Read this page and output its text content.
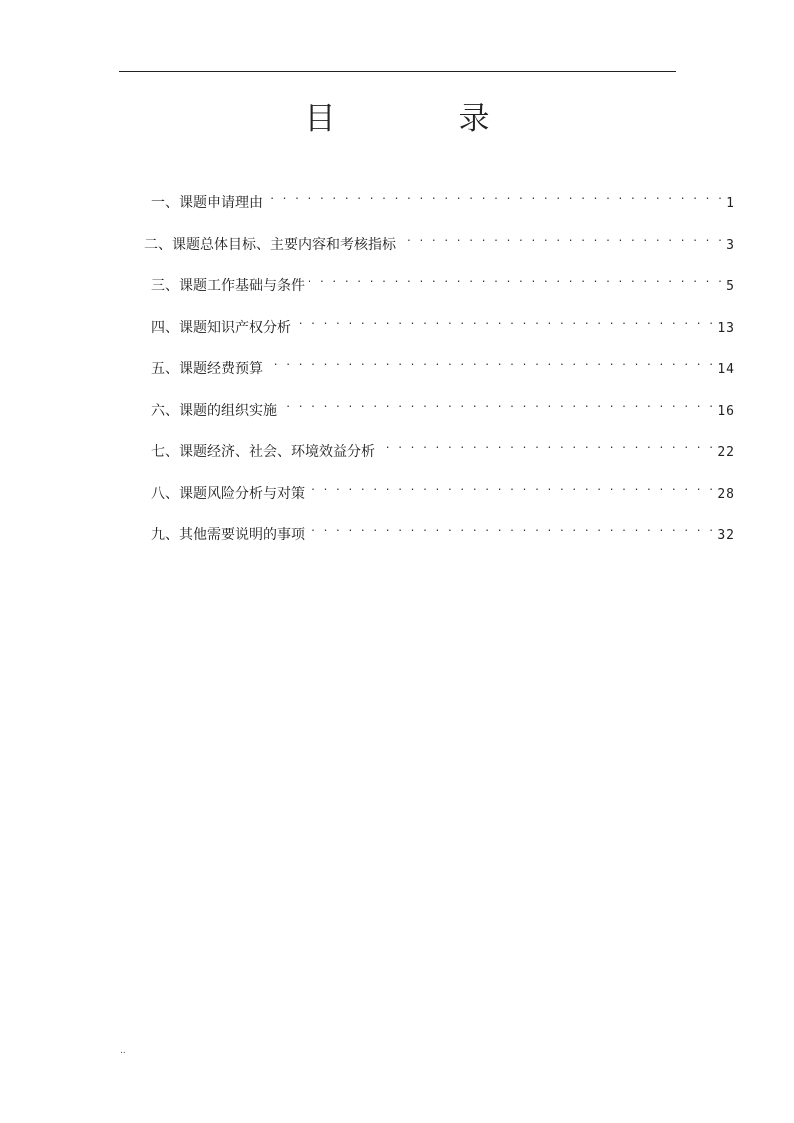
目　录
一、课题申请理由 . . .	1
二、课题总体目标、主要内容和考核指标 . . .	3
三、课题工作基础与条件 . . .	5
四、课题知识产权分析 . . .	13
五、课题经费预算 . . .	14
六、课题的组织实施 . . .	16
七、课题经济、社会、环境效益分析 . . .	22
八、课题风险分析与对策 . . .	28
九、其他需要说明的事项 . . .	32
..
